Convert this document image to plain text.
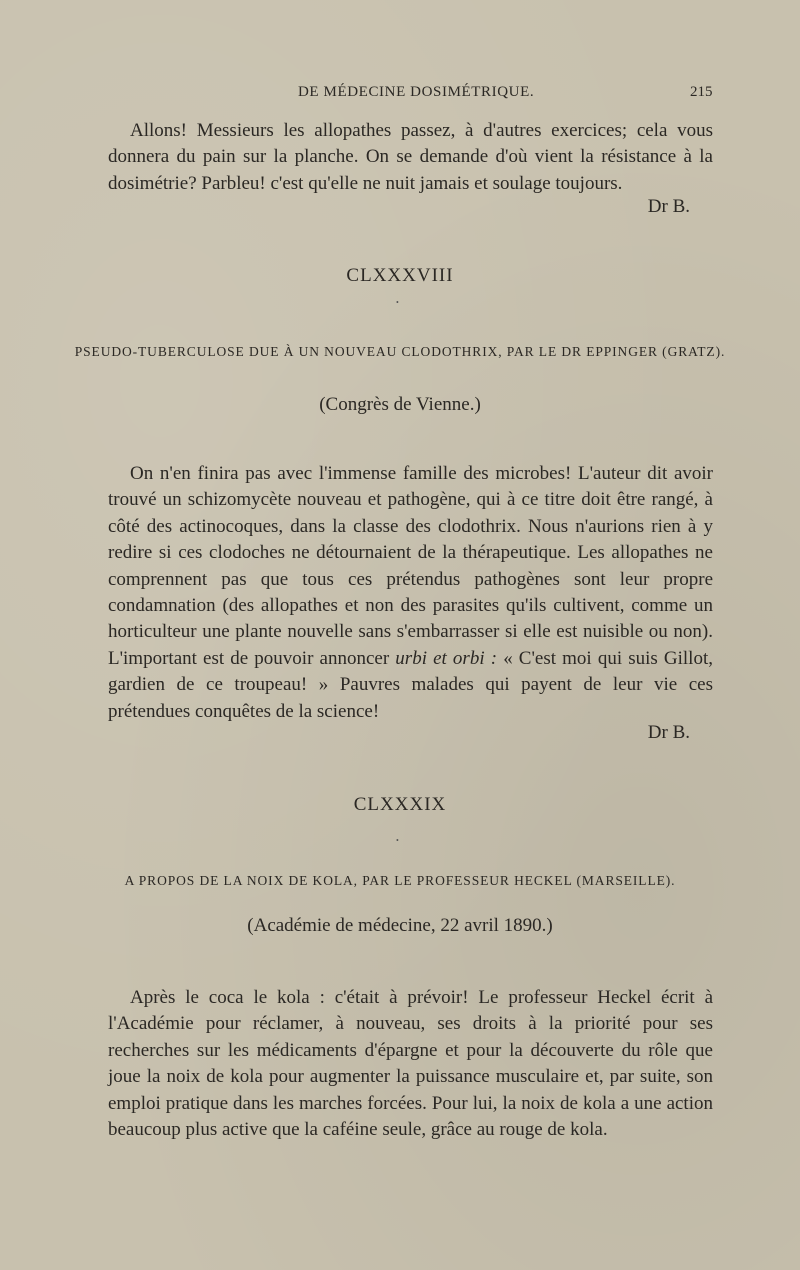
DE MÉDECINE DOSIMÉTRIQUE.	215

Allons! Messieurs les allopathes passez, à d'autres exercices; cela vous donnera du pain sur la planche. On se demande d'où vient la résistance à la dosimétrie? Parbleu! c'est qu'elle ne nuit jamais et soulage toujours.

Dr B.

CLXXXVIII

•

PSEUDO-TUBERCULOSE DUE À UN NOUVEAU CLODOTHRIX, PAR LE DR EPPINGER (GRATZ).

(Congrès de Vienne.)

On n'en finira pas avec l'immense famille des microbes! L'auteur dit avoir trouvé un schizomycète nouveau et pathogène, qui à ce titre doit être rangé, à côté des actinocoques, dans la classe des clodothrix. Nous n'aurions rien à y redire si ces clodoches ne détournaient de la thérapeutique. Les allopathes ne comprennent pas que tous ces prétendus pathogènes sont leur propre condamnation (des allopathes et non des parasites qu'ils cultivent, comme un horticulteur une plante nouvelle sans s'embarrasser si elle est nuisible ou non). L'important est de pouvoir annoncer urbi et orbi : « C'est moi qui suis Gillot, gardien de ce troupeau! » Pauvres malades qui payent de leur vie ces prétendues conquêtes de la science!

Dr B.

CLXXXIX

•

A PROPOS DE LA NOIX DE KOLA, PAR LE PROFESSEUR HECKEL (MARSEILLE).

(Académie de médecine, 22 avril 1890.)

Après le coca le kola : c'était à prévoir! Le professeur Heckel écrit à l'Académie pour réclamer, à nouveau, ses droits à la priorité pour ses recherches sur les médicaments d'épargne et pour la découverte du rôle que joue la noix de kola pour augmenter la puissance musculaire et, par suite, son emploi pratique dans les marches forcées. Pour lui, la noix de kola a une action beaucoup plus active que la caféine seule, grâce au rouge de kola.
